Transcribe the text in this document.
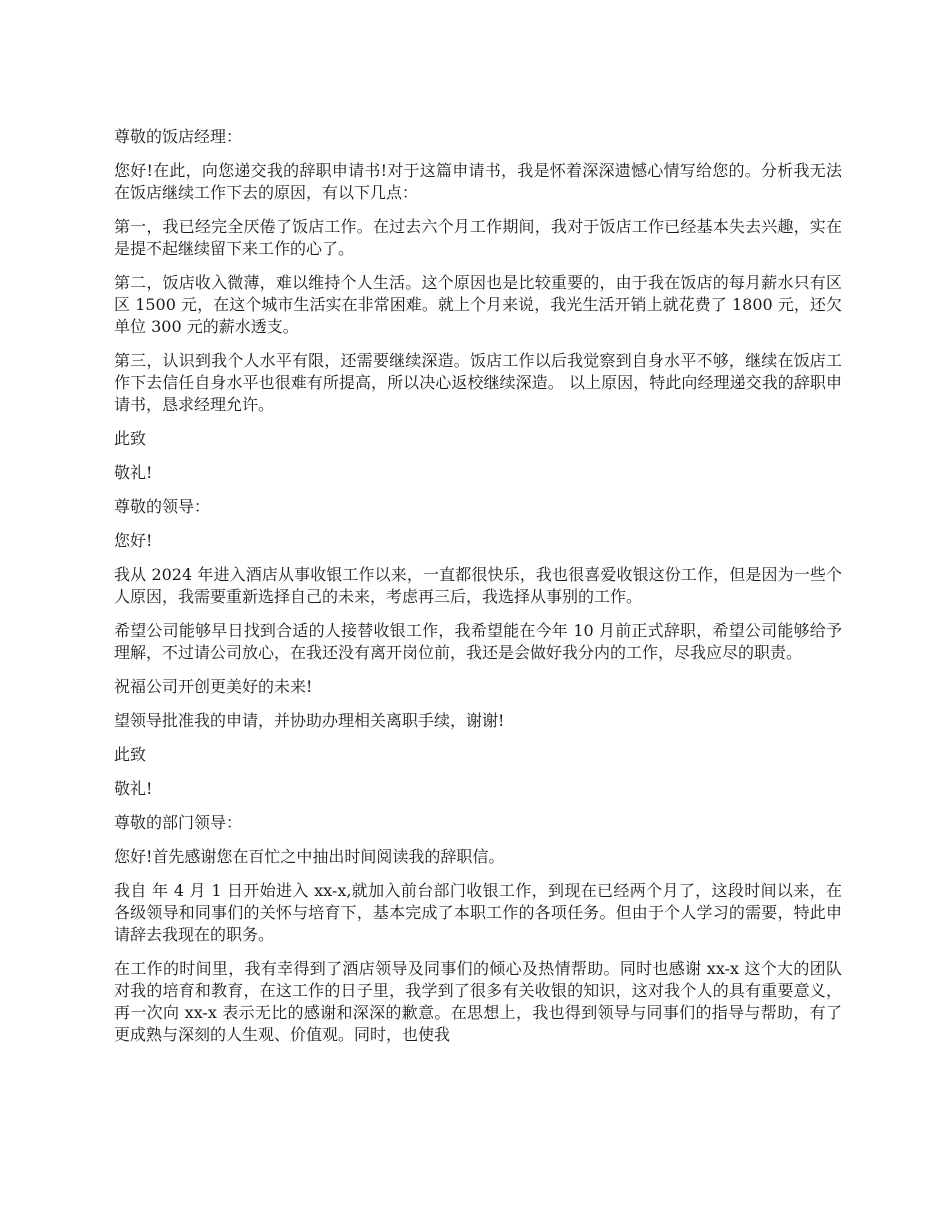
尊敬的饭店经理：

您好!在此，向您递交我的辞职申请书!对于这篇申请书，我是怀着深深遗憾心情写给您的。分析我无法在饭店继续工作下去的原因，有以下几点：

第一，我已经完全厌倦了饭店工作。在过去六个月工作期间，我对于饭店工作已经基本失去兴趣，实在是提不起继续留下来工作的心了。

第二，饭店收入微薄，难以维持个人生活。这个原因也是比较重要的，由于我在饭店的每月薪水只有区区 1500 元，在这个城市生活实在非常困难。就上个月来说，我光生活开销上就花费了 1800 元，还欠单位 300 元的薪水透支。

第三，认识到我个人水平有限，还需要继续深造。饭店工作以后我觉察到自身水平不够，继续在饭店工作下去信任自身水平也很难有所提高，所以决心返校继续深造。 以上原因，特此向经理递交我的辞职申请书，恳求经理允许。

此致

敬礼!

尊敬的领导：

您好!

我从 2024 年进入酒店从事收银工作以来，一直都很快乐，我也很喜爱收银这份工作，但是因为一些个人原因，我需要重新选择自己的未来，考虑再三后，我选择从事别的工作。

希望公司能够早日找到合适的人接替收银工作，我希望能在今年 10 月前正式辞职，希望公司能够给予理解，不过请公司放心，在我还没有离开岗位前，我还是会做好我分内的工作，尽我应尽的职责。

祝福公司开创更美好的未来!

望领导批准我的申请，并协助办理相关离职手续，谢谢!

此致

敬礼!

尊敬的部门领导：

您好!首先感谢您在百忙之中抽出时间阅读我的辞职信。

我自 年 4 月 1 日开始进入 xx-x,就加入前台部门收银工作，到现在已经两个月了，这段时间以来，在各级领导和同事们的关怀与培育下，基本完成了本职工作的各项任务。但由于个人学习的需要，特此申请辞去我现在的职务。

在工作的时间里，我有幸得到了酒店领导及同事们的倾心及热情帮助。同时也感谢 xx-x 这个大的团队对我的培育和教育，在这工作的日子里，我学到了很多有关收银的知识，这对我个人的具有重要意义，再一次向 xx-x 表示无比的感谢和深深的歉意。在思想上，我也得到领导与同事们的指导与帮助，有了更成熟与深刻的人生观、价值观。同时，也使我
